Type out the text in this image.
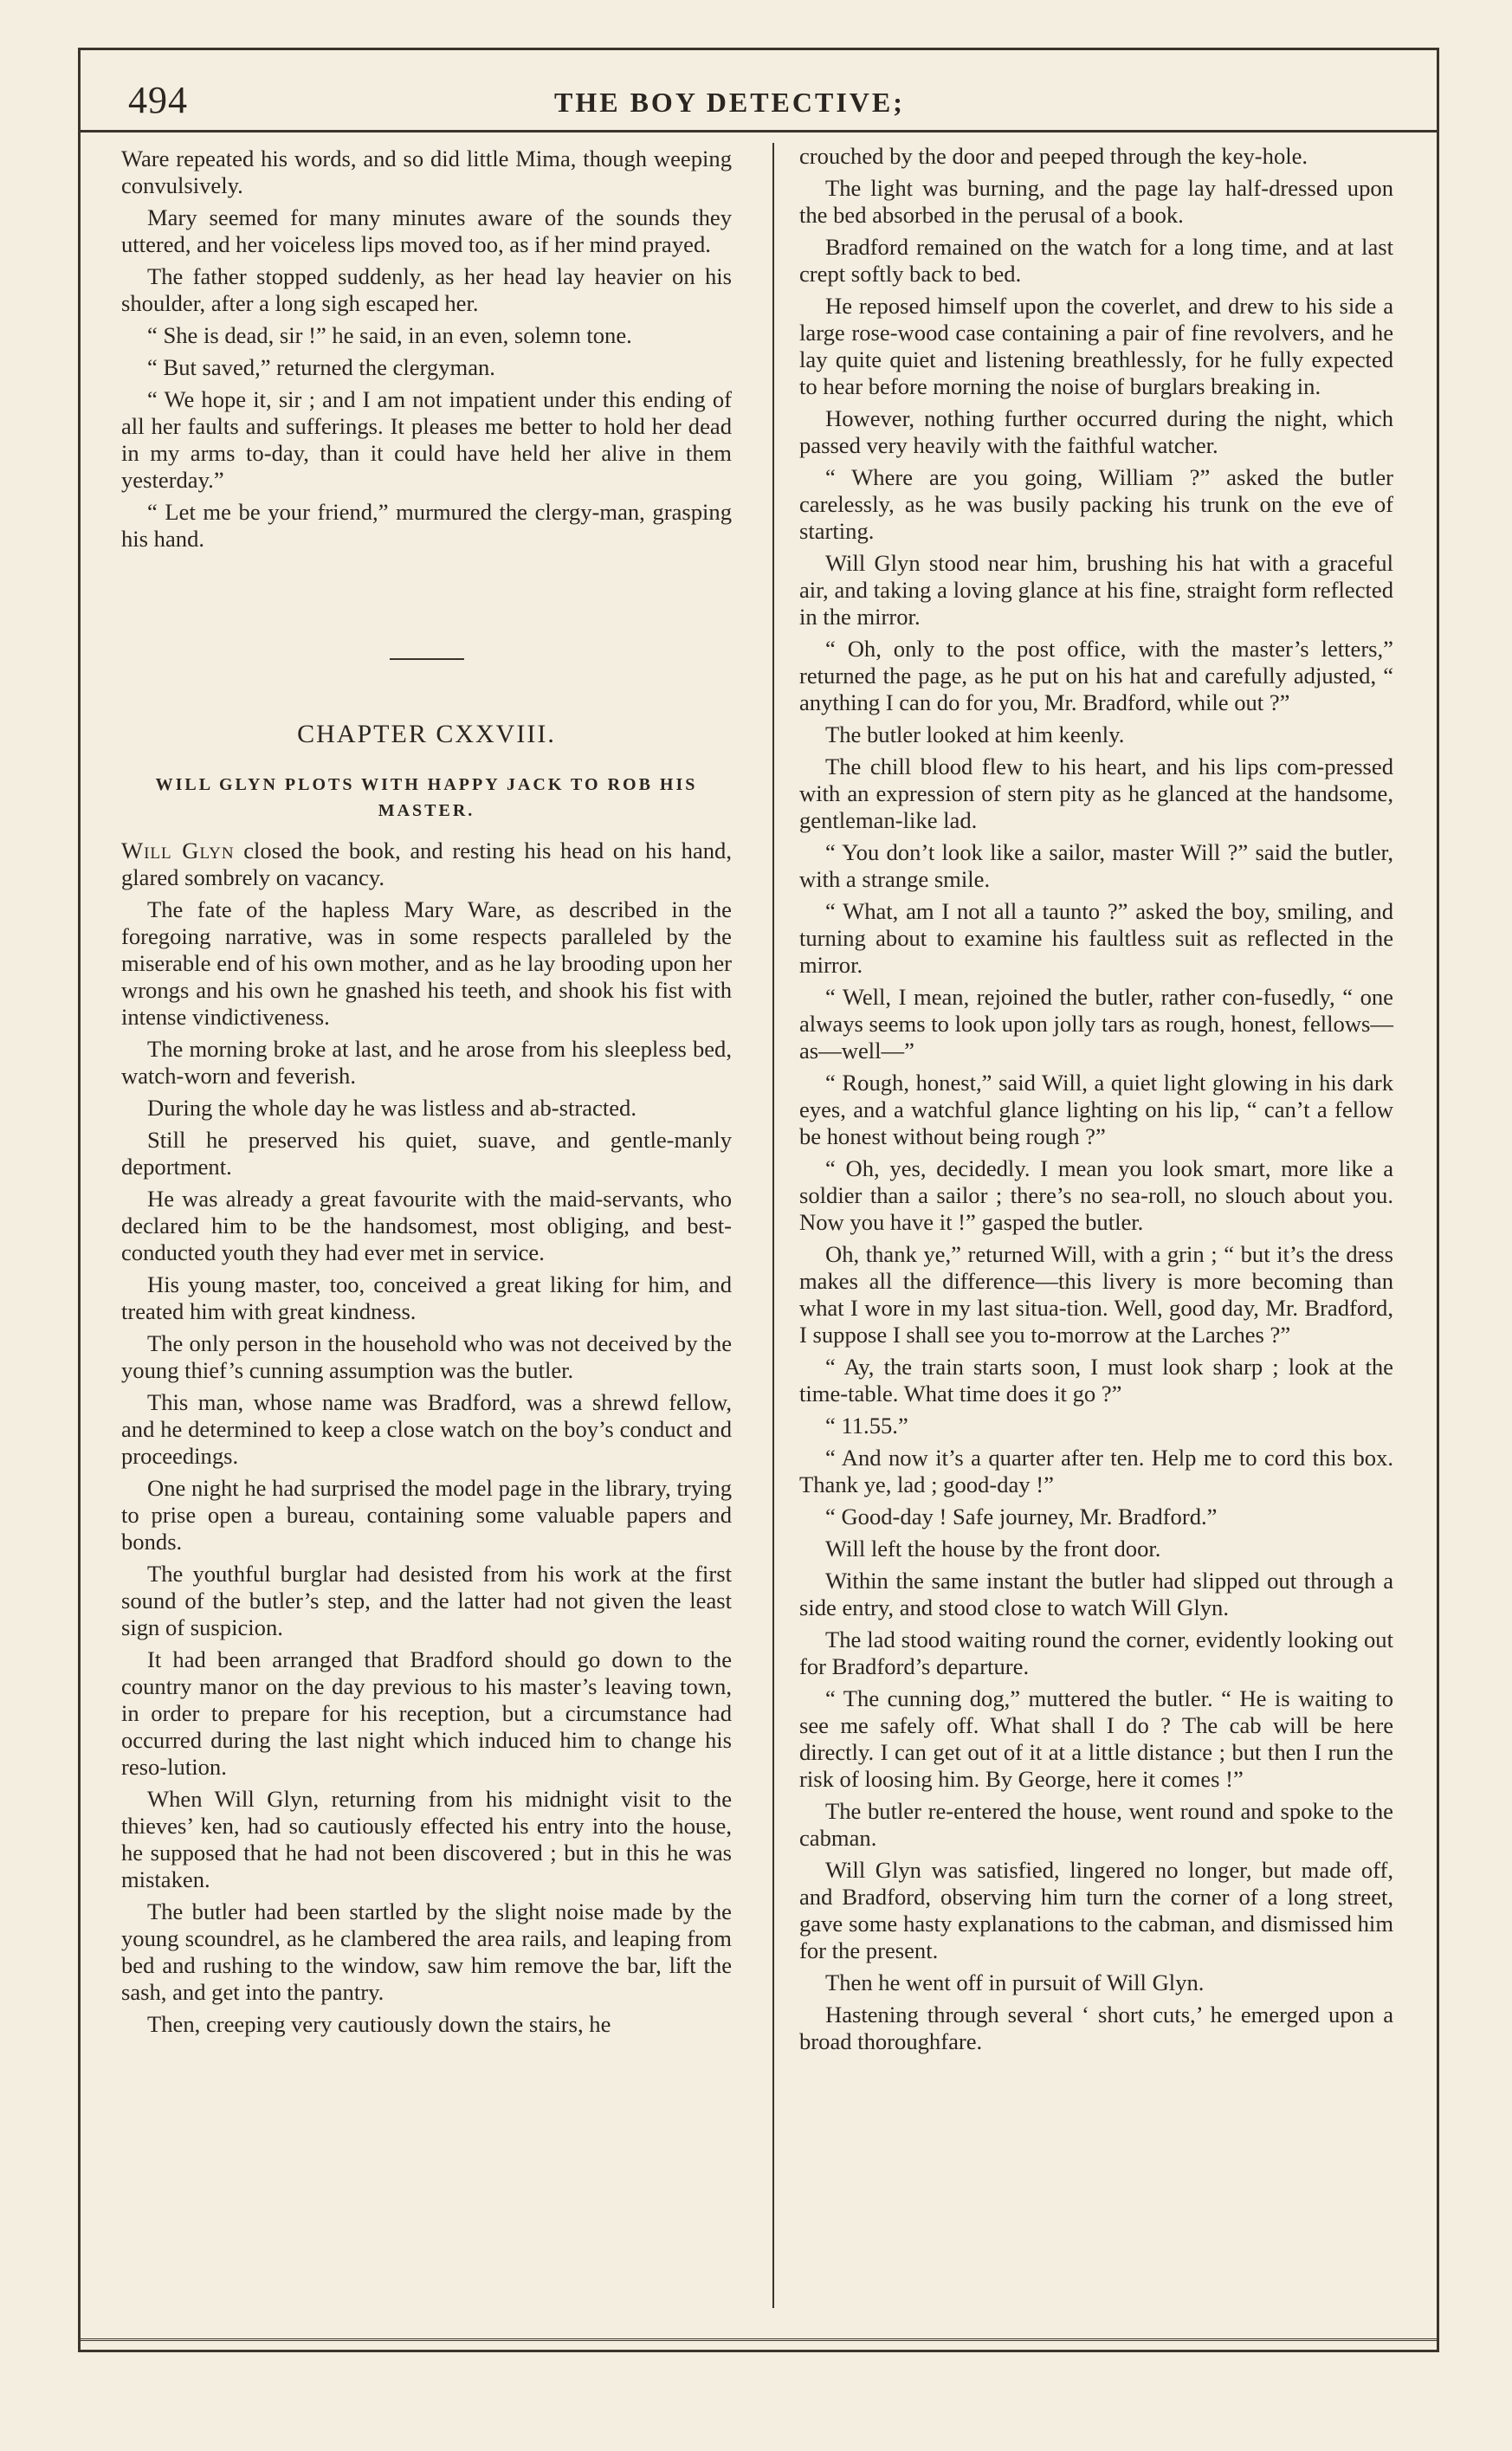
494	THE BOY DETECTIVE;

Ware repeated his words, and so did little Mima, though weeping convulsively.

Mary seemed for many minutes aware of the sounds they uttered, and her voiceless lips moved too, as if her mind prayed.

The father stopped suddenly, as her head lay heavier on his shoulder, after a long sigh escaped her.

“ She is dead, sir !” he said, in an even, solemn tone.

“ But saved,” returned the clergyman.

“ We hope it, sir ; and I am not impatient under this ending of all her faults and sufferings. It pleases me better to hold her dead in my arms to-day, than it could have held her alive in them yesterday.”

“ Let me be your friend,” murmured the clergy-man, grasping his hand.

CHAPTER CXXVIII.
WILL GLYN PLOTS WITH HAPPY JACK TO ROB HIS MASTER.

Will Glyn closed the book, and resting his head on his hand, glared sombrely on vacancy.

The fate of the hapless Mary Ware, as described in the foregoing narrative, was in some respects paralleled by the miserable end of his own mother, and as he lay brooding upon her wrongs and his own he gnashed his teeth, and shook his fist with intense vindictiveness.

The morning broke at last, and he arose from his sleepless bed, watch-worn and feverish.

During the whole day he was listless and ab-stracted.

Still he preserved his quiet, suave, and gentle-manly deportment.

He was already a great favourite with the maid-servants, who declared him to be the handsomest, most obliging, and best-conducted youth they had ever met in service.

His young master, too, conceived a great liking for him, and treated him with great kindness.

The only person in the household who was not deceived by the young thief’s cunning assumption was the butler.

This man, whose name was Bradford, was a shrewd fellow, and he determined to keep a close watch on the boy’s conduct and proceedings.

One night he had surprised the model page in the library, trying to prise open a bureau, containing some valuable papers and bonds.

The youthful burglar had desisted from his work at the first sound of the butler’s step, and the latter had not given the least sign of suspicion.

It had been arranged that Bradford should go down to the country manor on the day previous to his master’s leaving town, in order to prepare for his reception, but a circumstance had occurred during the last night which induced him to change his reso-lution.

When Will Glyn, returning from his midnight visit to the thieves’ ken, had so cautiously effected his entry into the house, he supposed that he had not been discovered ; but in this he was mistaken.

The butler had been startled by the slight noise made by the young scoundrel, as he clambered the area rails, and leaping from bed and rushing to the window, saw him remove the bar, lift the sash, and get into the pantry.

Then, creeping very cautiously down the stairs, he

crouched by the door and peeped through the key-hole.

The light was burning, and the page lay half-dressed upon the bed absorbed in the perusal of a book.

Bradford remained on the watch for a long time, and at last crept softly back to bed.

He reposed himself upon the coverlet, and drew to his side a large rose-wood case containing a pair of fine revolvers, and he lay quite quiet and listening breathlessly, for he fully expected to hear before morning the noise of burglars breaking in.

However, nothing further occurred during the night, which passed very heavily with the faithful watcher.

“ Where are you going, William ?” asked the butler carelessly, as he was busily packing his trunk on the eve of starting.

Will Glyn stood near him, brushing his hat with a graceful air, and taking a loving glance at his fine, straight form reflected in the mirror.

“ Oh, only to the post office, with the master’s letters,” returned the page, as he put on his hat and carefully adjusted, “ anything I can do for you, Mr. Bradford, while out ?”

The butler looked at him keenly.

The chill blood flew to his heart, and his lips com-pressed with an expression of stern pity as he glanced at the handsome, gentleman-like lad.

“ You don’t look like a sailor, master Will ?” said the butler, with a strange smile.

“ What, am I not all a taunto ?” asked the boy, smiling, and turning about to examine his faultless suit as reflected in the mirror.

“ Well, I mean, rejoined the butler, rather con-fusedly, “ one always seems to look upon jolly tars as rough, honest, fellows—as—well—”

“ Rough, honest,” said Will, a quiet light glowing in his dark eyes, and a watchful glance lighting on his lip, “ can’t a fellow be honest without being rough ?”

“ Oh, yes, decidedly. I mean you look smart, more like a soldier than a sailor ; there’s no sea-roll, no slouch about you. Now you have it !” gasped the butler.

Oh, thank ye,” returned Will, with a grin ; “ but it’s the dress makes all the difference—this livery is more becoming than what I wore in my last situa-tion. Well, good day, Mr. Bradford, I suppose I shall see you to-morrow at the Larches ?”

“ Ay, the train starts soon, I must look sharp ; look at the time-table. What time does it go ?”

“ 11.55.”

“ And now it’s a quarter after ten. Help me to cord this box. Thank ye, lad ; good-day !”

“ Good-day ! Safe journey, Mr. Bradford.”

Will left the house by the front door.

Within the same instant the butler had slipped out through a side entry, and stood close to watch Will Glyn.

The lad stood waiting round the corner, evidently looking out for Bradford’s departure.

“ The cunning dog,” muttered the butler. “ He is waiting to see me safely off. What shall I do ? The cab will be here directly. I can get out of it at a little distance ; but then I run the risk of loosing him. By George, here it comes !”

The butler re-entered the house, went round and spoke to the cabman.

Will Glyn was satisfied, lingered no longer, but made off, and Bradford, observing him turn the corner of a long street, gave some hasty explanations to the cabman, and dismissed him for the present.

Then he went off in pursuit of Will Glyn.

Hastening through several ‘ short cuts,’ he emerged upon a broad thoroughfare.
